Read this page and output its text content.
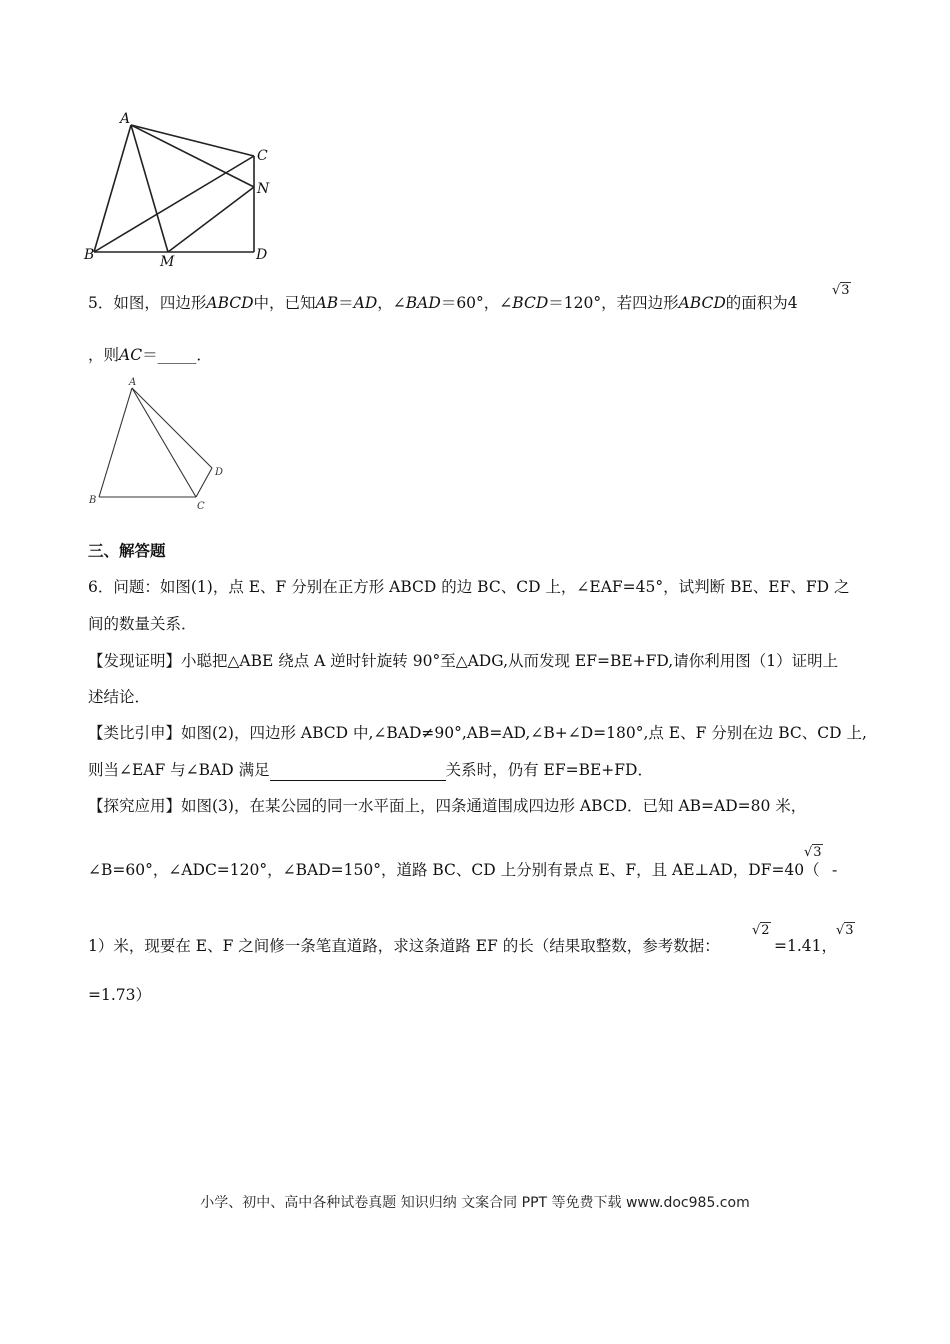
A
B
C
D
M
N
5．如图，四边形ABCD中，已知AB＝AD，∠BAD＝60°，∠BCD＝120°，若四边形ABCD的面积为4
√3
，则AC＝_____．
A
B
C
D
三、解答题
6．问题：如图(1)，点 E、F 分别在正方形 ABCD 的边 BC、CD 上，∠EAF=45°，试判断 BE、EF、FD 之
间的数量关系．
【发现证明】小聪把△ABE 绕点 A 逆时针旋转 90°至△ADG,从而发现 EF=BE+FD,请你利用图（1）证明上
述结论．
【类比引申】如图(2)，四边形 ABCD 中,∠BAD≠90°,AB=AD,∠B+∠D=180°,点 E、F 分别在边 BC、CD 上,
则当∠EAF 与∠BAD 满足	关系时，仍有 EF=BE+FD．
【探究应用】如图(3)，在某公园的同一水平面上，四条通道围成四边形 ABCD．已知 AB=AD=80 米，
∠B=60°，∠ADC=120°，∠BAD=150°，道路 BC、CD 上分别有景点 E、F，且 AE⊥AD，DF=40（
√3
-
1）米，现要在 E、F 之间修一条笔直道路，求这条道路 EF 的长（结果取整数，参考数据：
√2
=1.41，
√3
=1.73）
小学、初中、高中各种试卷真题 知识归纳 文案合同 PPT 等免费下载 www.doc985.com
